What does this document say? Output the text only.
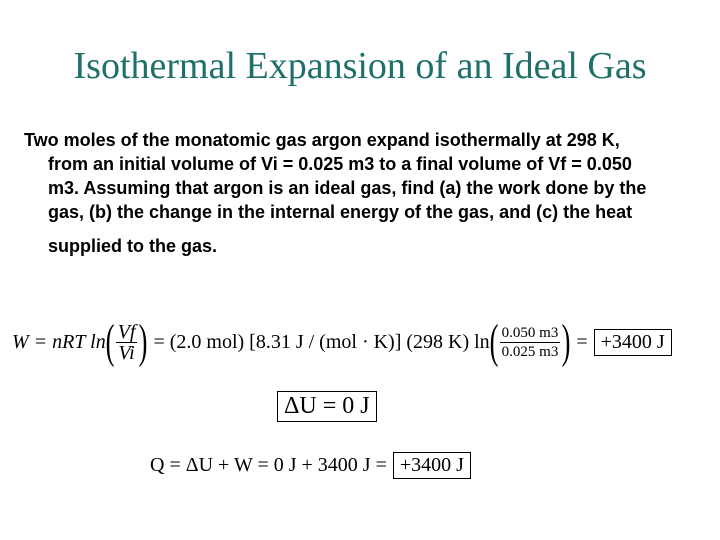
Isothermal Expansion of an Ideal Gas
Two moles of the monatomic gas argon expand isothermally at 298 K,
from an initial volume of Vi = 0.025 m3 to a final volume of Vf = 0.050
m3. Assuming that argon is an ideal gas, find (a) the work done by the
gas, (b) the change in the internal energy of the gas, and (c) the heat
supplied to the gas.
W = nRT ln ( $\frac{Vf}{Vi}$ ) = (2.0 mol) [8.31 J / (mol · K)] (298 K) ln ( $\frac{0.050 m3}{0.025 m3}$ ) = +3400 J
ΔU = 0 J
Q = ΔU + W = 0 J + 3400 J = +3400 J
